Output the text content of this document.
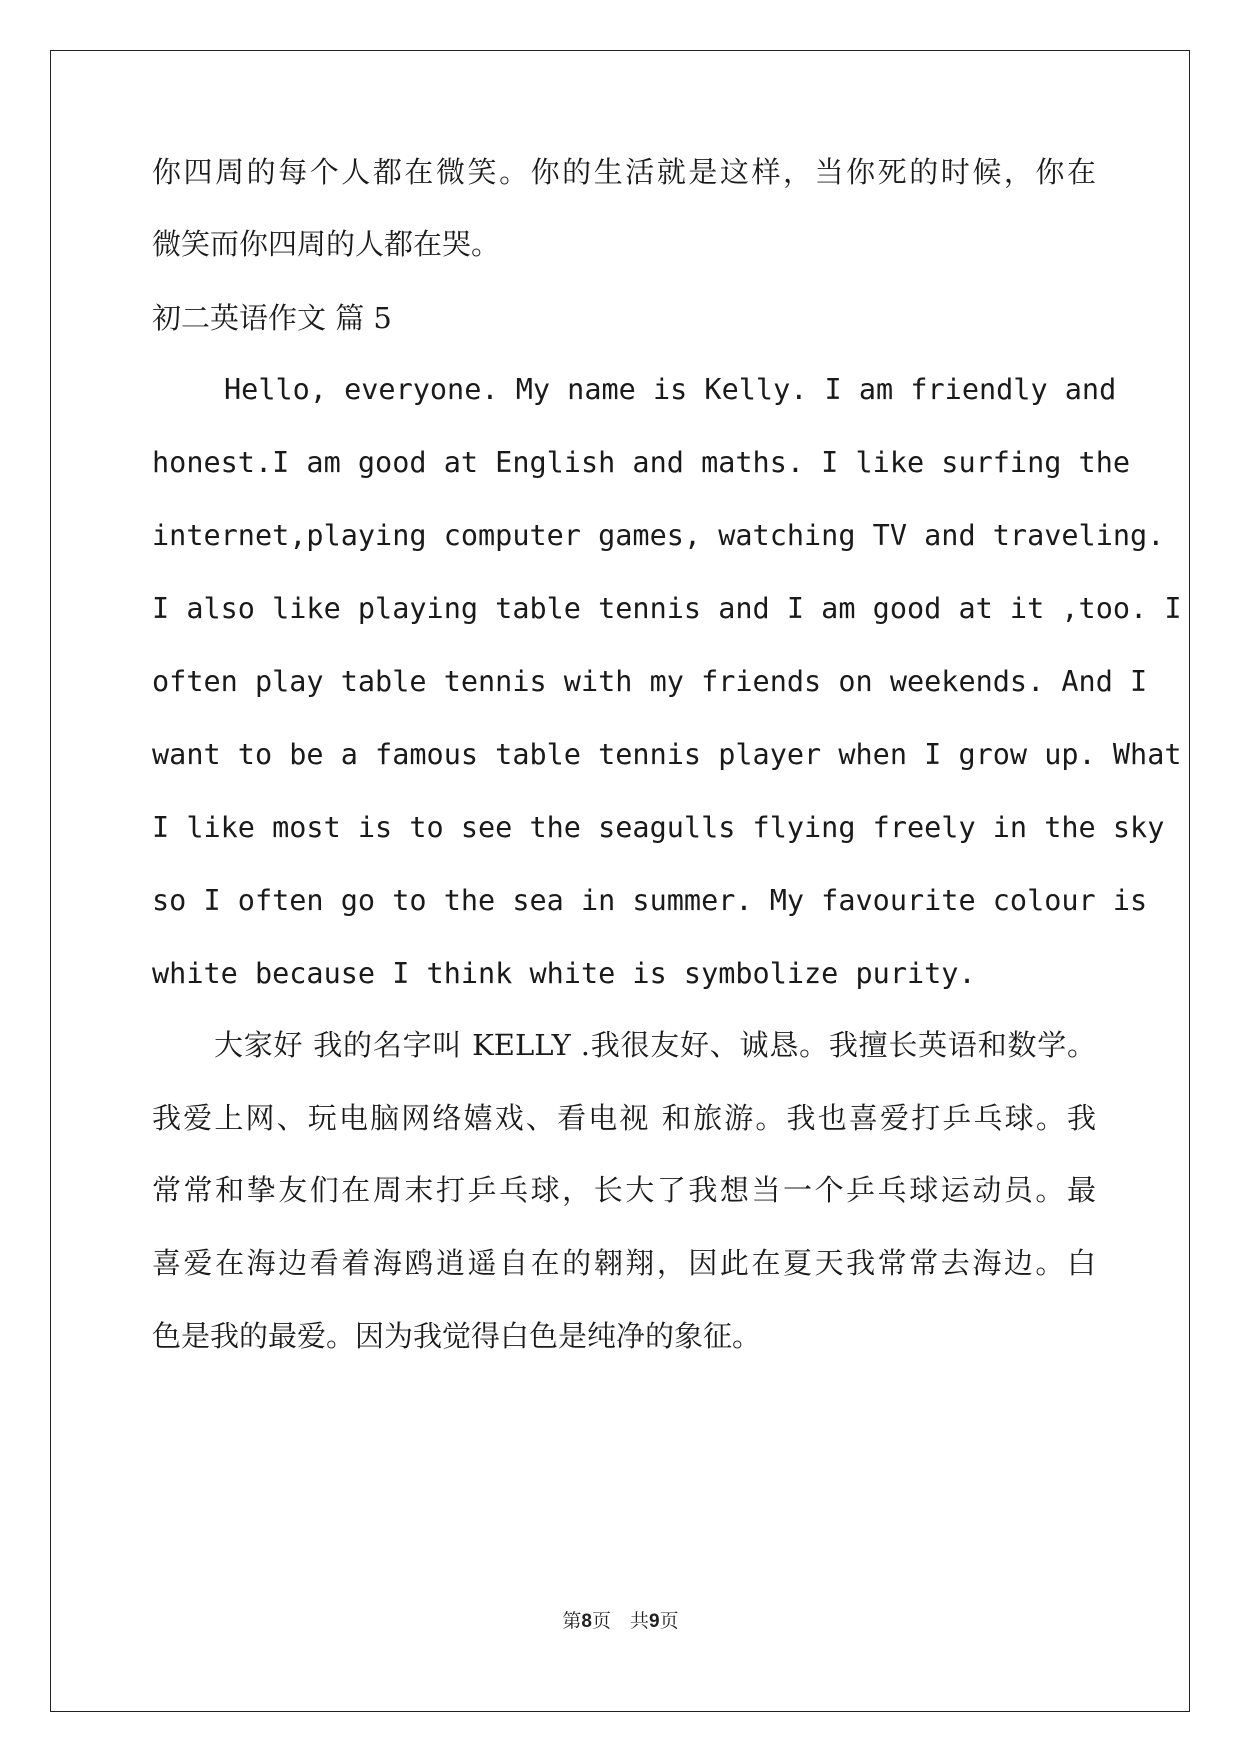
你四周的每个人都在微笑。你的生活就是这样，当你死的时候，你在
微笑而你四周的人都在哭。
初二英语作文 篇 5
Hello, everyone. My name is Kelly. I am friendly and
honest.I am good at English and maths. I like surfing the
internet,playing computer games, watching TV and traveling.
I also like playing table tennis and I am good at it ,too. I
often play table tennis with my friends on weekends. And I
want to be a famous table tennis player when I grow up. What
I like most is to see the seagulls flying freely in the sky
so I often go to the sea in summer. My favourite colour is
white because I think white is symbolize purity.
大家好 我的名字叫 KELLY .我很友好、诚恳。我擅长英语和数学。
我爱上网、玩电脑网络嬉戏、看电视 和旅游。我也喜爱打乒乓球。我
常常和挚友们在周末打乒乓球，长大了我想当一个乒乓球运动员。最
喜爱在海边看着海鸥逍遥自在的翱翔，因此在夏天我常常去海边。白
色是我的最爱。因为我觉得白色是纯净的象征。
第8页　共9页
